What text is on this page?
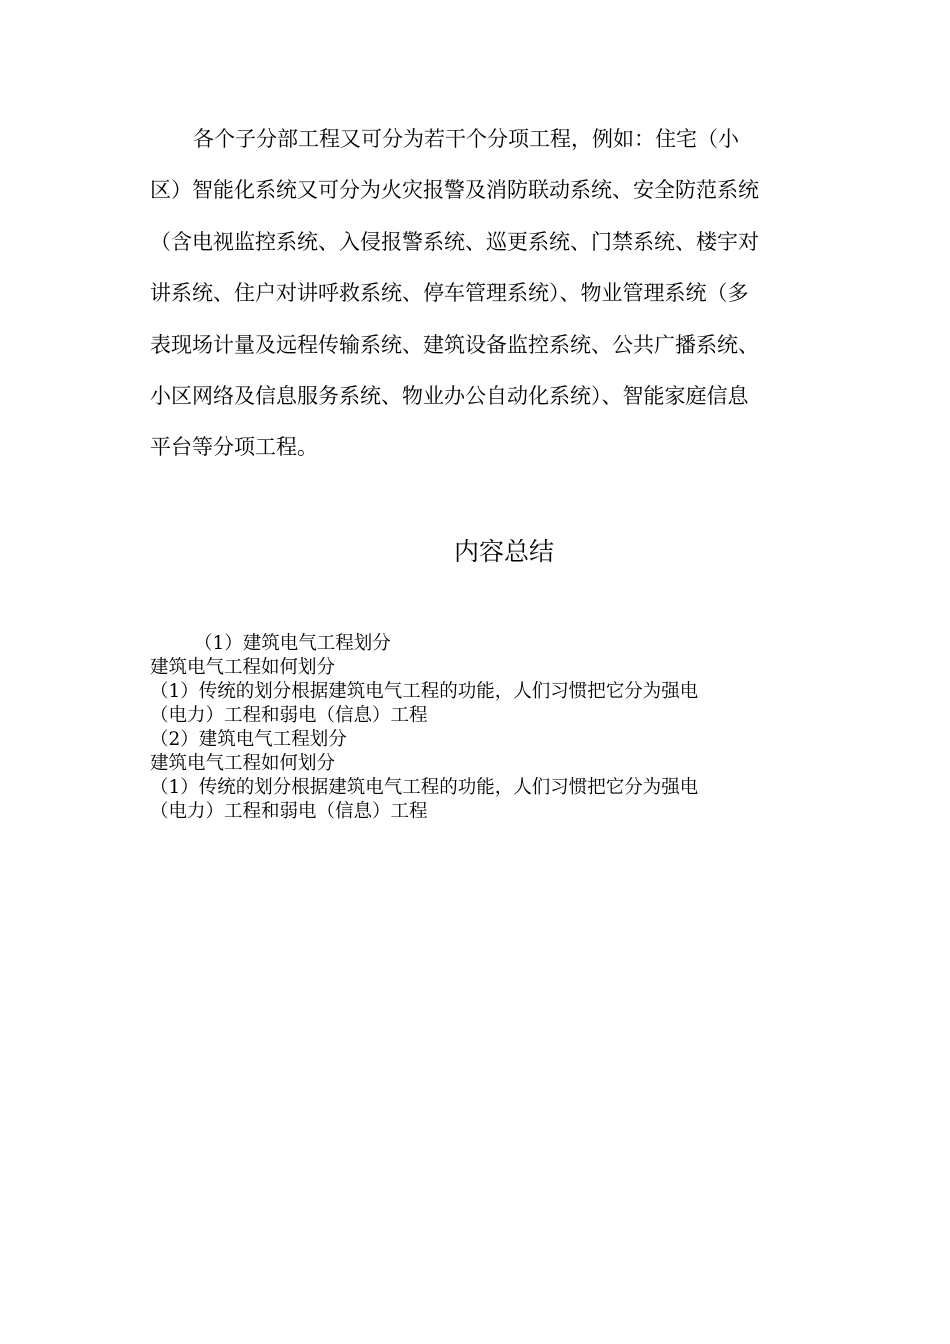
各个子分部工程又可分为若干个分项工程，例如：住宅（小
区）智能化系统又可分为火灾报警及消防联动系统、安全防范系统
（含电视监控系统、入侵报警系统、巡更系统、门禁系统、楼宇对
讲系统、住户对讲呼救系统、停车管理系统）、物业管理系统（多
表现场计量及远程传输系统、建筑设备监控系统、公共广播系统、
小区网络及信息服务系统、物业办公自动化系统）、智能家庭信息
平台等分项工程。

内容总结
（1）建筑电气工程划分
建筑电气工程如何划分
（1）传统的划分根据建筑电气工程的功能，人们习惯把它分为强电
（电力）工程和弱电（信息）工程
（2）建筑电气工程划分
建筑电气工程如何划分
（1）传统的划分根据建筑电气工程的功能，人们习惯把它分为强电
（电力）工程和弱电（信息）工程
